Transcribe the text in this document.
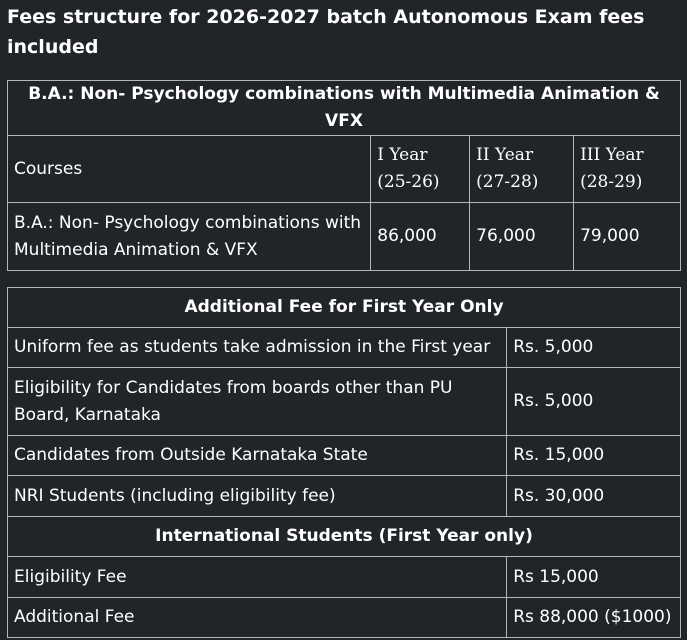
Fees structure for 2026-2027 batch Autonomous Exam fees included
B.A.: Non- Psychology combinations with Multimedia Animation & VFX			
Courses	I Year (25-26)	II Year (27-28)	III Year (28-29)
B.A.: Non- Psychology combinations with Multimedia Animation & VFX	86,000	76,000	79,000
Additional Fee for First Year Only	
Uniform fee as students take admission in the First year	Rs. 5,000
Eligibility for Candidates from boards other than PU Board, Karnataka	Rs. 5,000
Candidates from Outside Karnataka State	Rs. 15,000
NRI Students (including eligibility fee)	Rs. 30,000
International Students (First Year only)	
Eligibility Fee	Rs 15,000
Additional Fee	Rs 88,000 ($1000)
